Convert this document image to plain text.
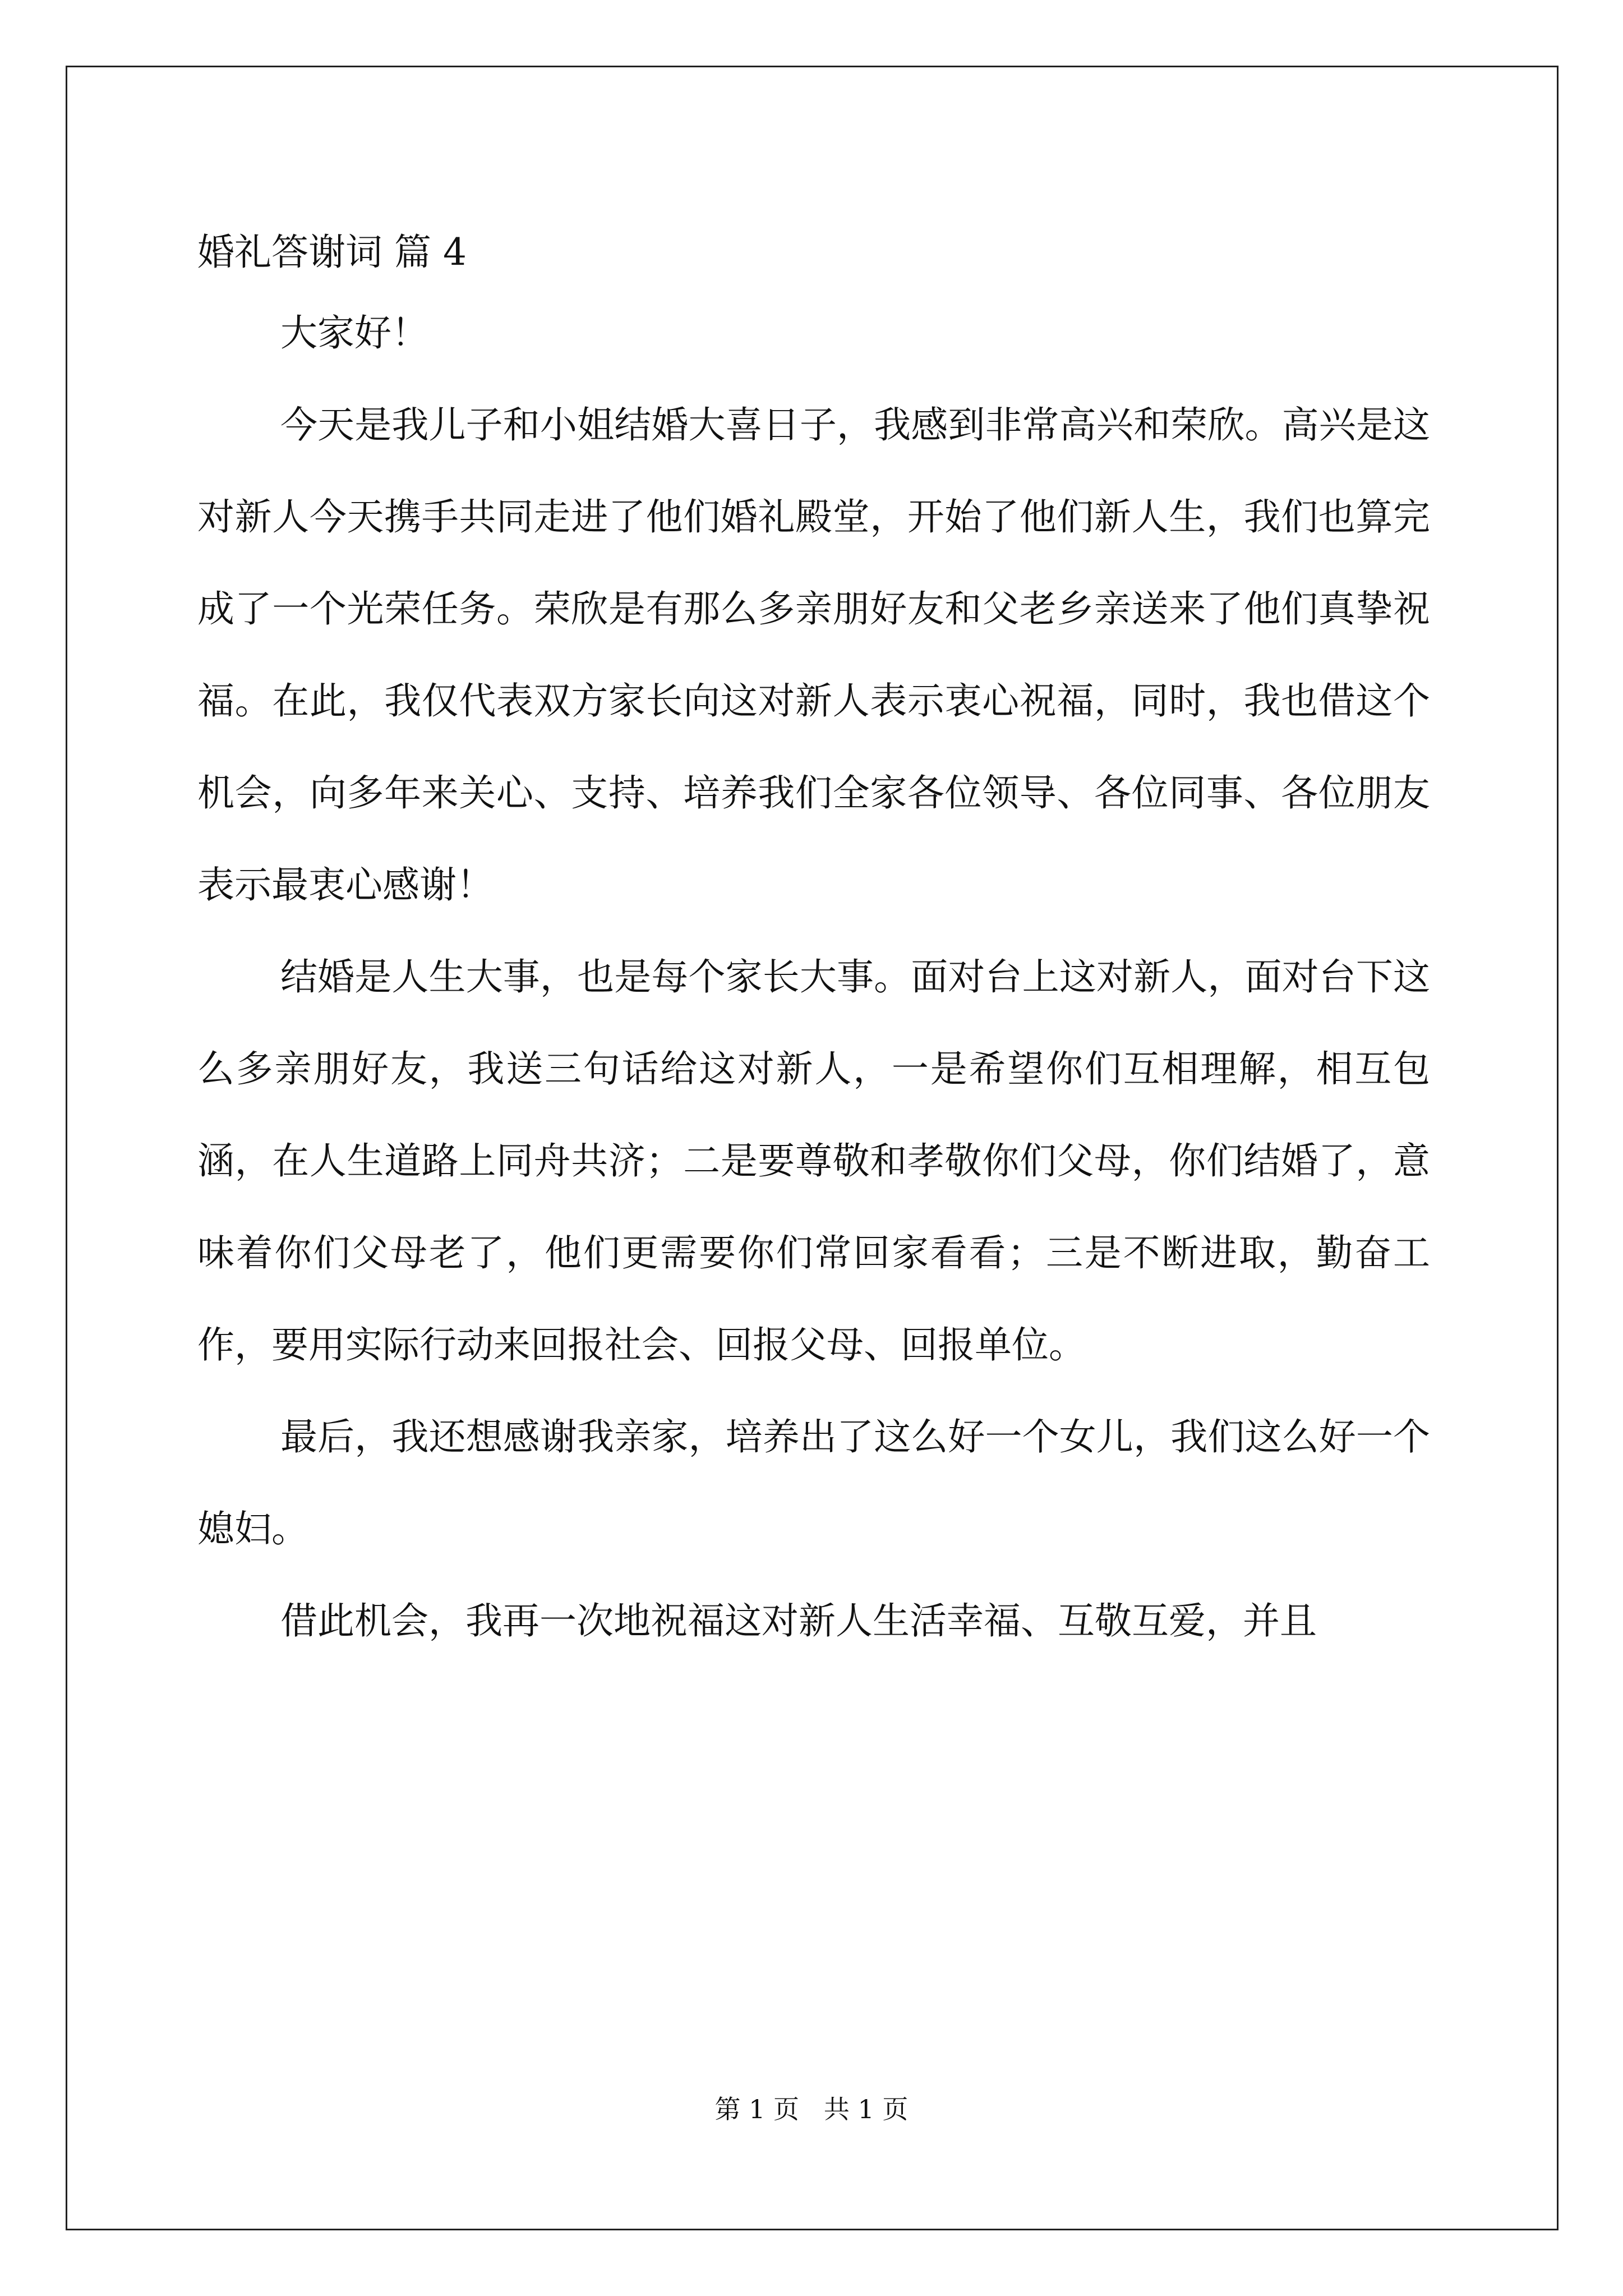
婚礼答谢词 篇 4

大家好！

今天是我儿子和小姐结婚大喜日子，我感到非常高兴和荣欣。高兴是这对新人今天携手共同走进了他们婚礼殿堂，开始了他们新人生，我们也算完成了一个光荣任务。荣欣是有那么多亲朋好友和父老乡亲送来了他们真挚祝福。在此，我仅代表双方家长向这对新人表示衷心祝福，同时，我也借这个机会，向多年来关心、支持、培养我们全家各位领导、各位同事、各位朋友表示最衷心感谢！

结婚是人生大事，也是每个家长大事。面对台上这对新人，面对台下这么多亲朋好友，我送三句话给这对新人，一是希望你们互相理解，相互包涵，在人生道路上同舟共济；二是要尊敬和孝敬你们父母，你们结婚了，意味着你们父母老了，他们更需要你们常回家看看；三是不断进取，勤奋工作，要用实际行动来回报社会、回报父母、回报单位。

最后，我还想感谢我亲家，培养出了这么好一个女儿，我们这么好一个媳妇。

借此机会，我再一次地祝福这对新人生活幸福、互敬互爱，并且

第 1 页   共 1 页
